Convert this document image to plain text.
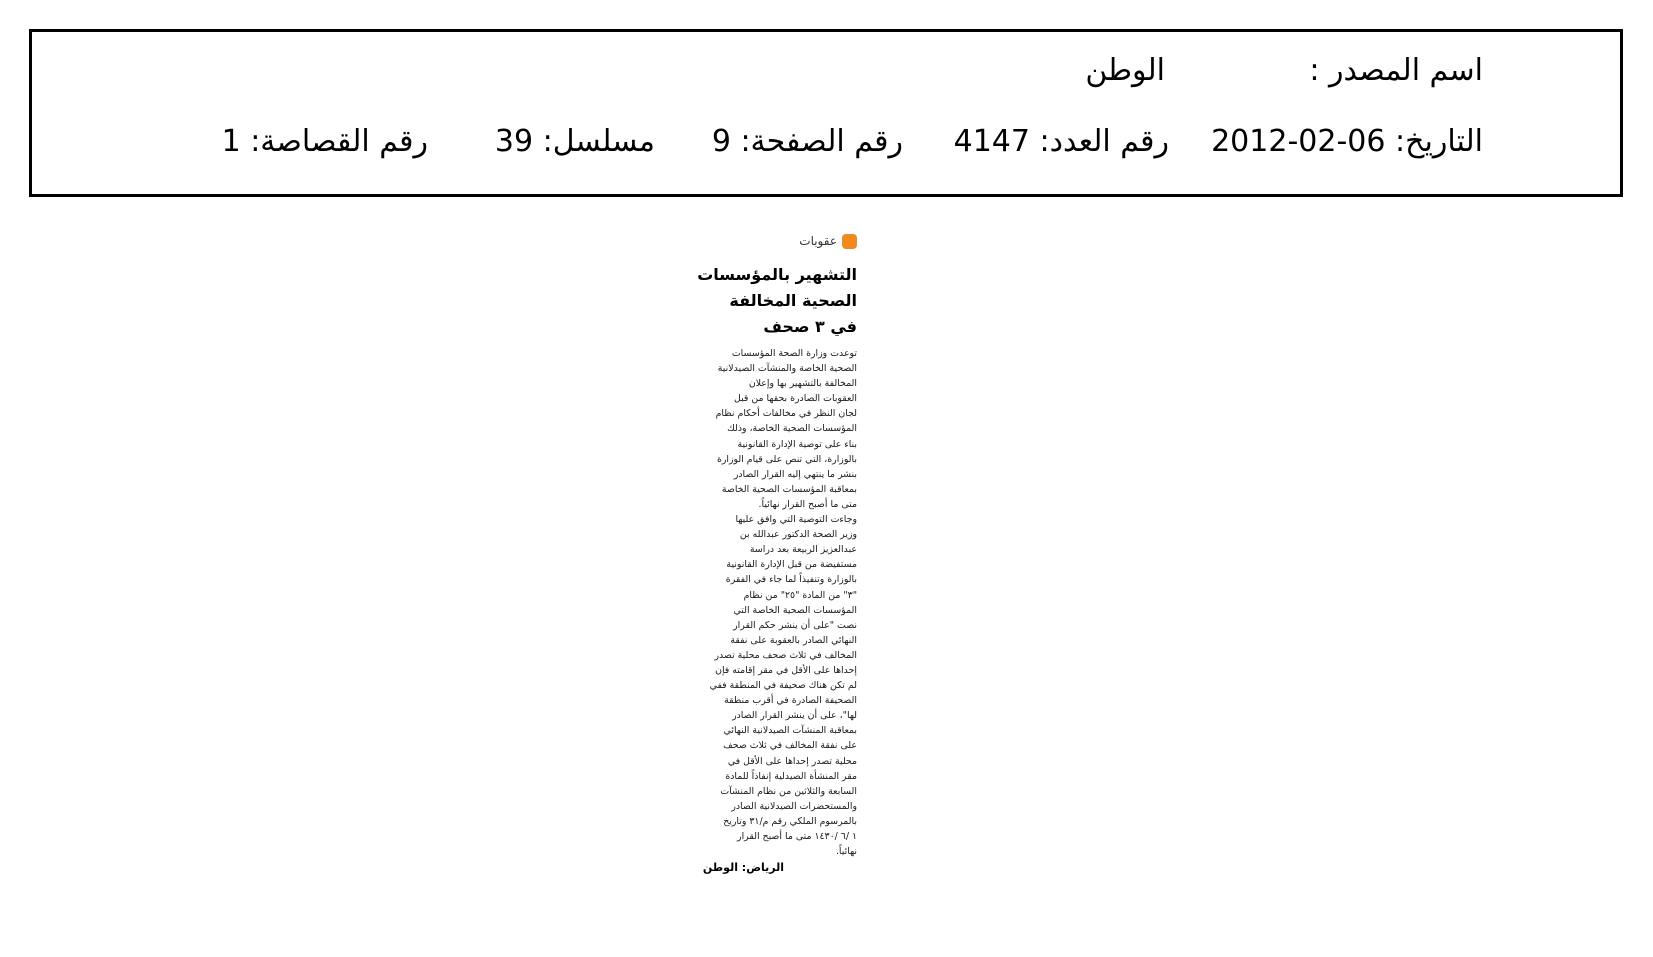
اسم المصدر :
الوطن
التاريخ: 06-02-2012
رقم العدد: 4147
رقم الصفحة: 9
مسلسل: 39
رقم القصاصة: 1
عقوبات
التشهير بالمؤسسات
الصحية المخالفة
في ٣ صحف
توعدت وزارة الصحة المؤسسات
الصحية الخاصة والمنشآت الصيدلانية
المخالفة بالتشهير بها وإعلان
العقوبات الصادرة بحقها من قبل
لجان النظر في مخالفات أحكام نظام
المؤسسات الصحية الخاصة، وذلك
بناء على توصية الإدارة القانونية
بالوزارة، التي تنص على قيام الوزارة
بنشر ما ينتهي إليه القرار الصادر
بمعاقبة المؤسسات الصحية الخاصة
متى ما أصبح القرار نهائياً.
وجاءت التوصية التي وافق عليها
وزير الصحة الدكتور عبدالله بن
عبدالعزيز الربيعة بعد دراسة
مستفيضة من قبل الإدارة القانونية
بالوزارة وتنفيذاً لما جاء في الفقرة
"٣" من المادة "٢٥" من نظام
المؤسسات الصحية الخاصة التي
نصت "على أن ينشر حكم القرار
النهائي الصادر بالعقوبة على نفقة
المخالف في ثلاث صحف محلية تصدر
إحداها على الأقل في مقر إقامته فإن
لم تكن هناك صحيفة في المنطقة ففي
الصحيفة الصادرة في أقرب منطقة
لها"، على أن ينشر القرار الصادر
بمعاقبة المنشآت الصيدلانية النهائي
على نفقة المخالف في ثلاث صحف
محلية تصدر إحداها على الأقل في
مقر المنشأة الصيدلية إنفاذاً للمادة
السابعة والثلاثين من نظام المنشآت
والمستحضرات الصيدلانية الصادر
بالمرسوم الملكي رقم م/٣١ وتاريخ
١ /٦ /١٤٣٠ متى ما أصبح القرار
نهائياً.
الرياض: الوطن
